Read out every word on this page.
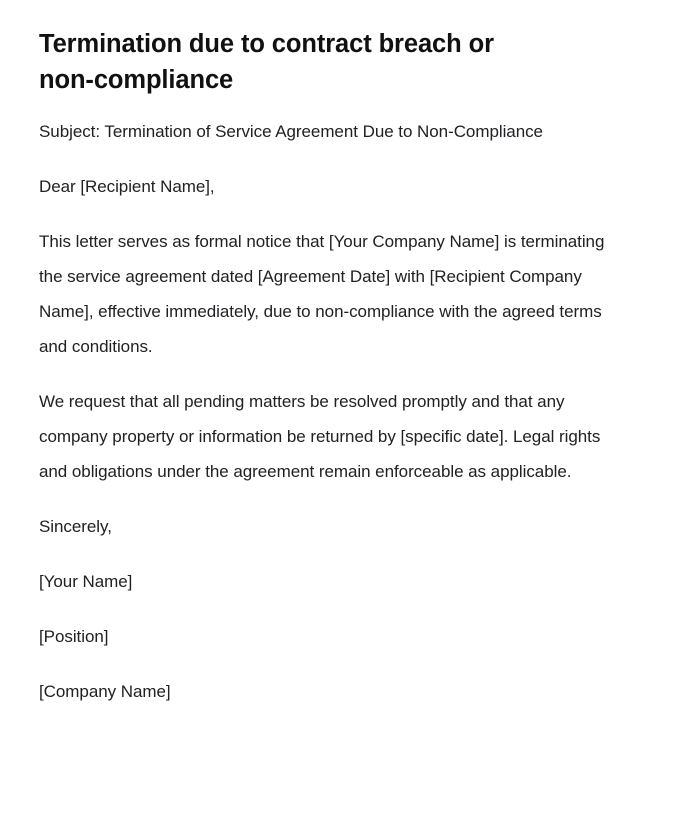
Termination due to contract breach or non-compliance

Subject: Termination of Service Agreement Due to Non-Compliance

Dear [Recipient Name],

This letter serves as formal notice that [Your Company Name] is terminating the service agreement dated [Agreement Date] with [Recipient Company Name], effective immediately, due to non-compliance with the agreed terms and conditions.

We request that all pending matters be resolved promptly and that any company property or information be returned by [specific date]. Legal rights and obligations under the agreement remain enforceable as applicable.

Sincerely,

[Your Name]

[Position]

[Company Name]
